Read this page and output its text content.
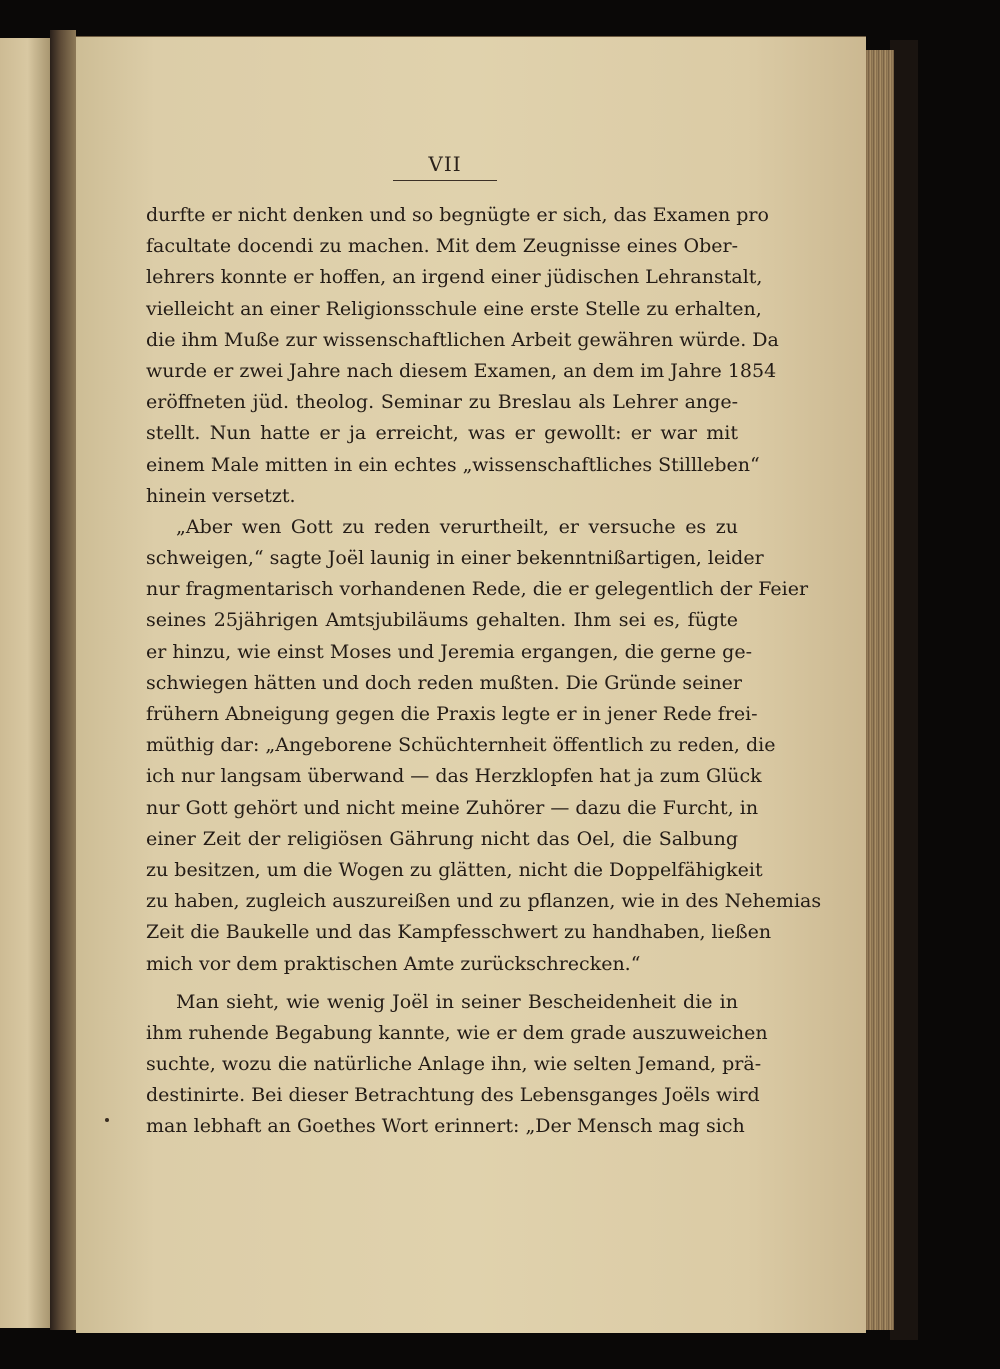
VII
durfte er nicht denken und so begnügte er sich, das Examen pro
facultate docendi zu machen. Mit dem Zeugnisse eines Ober-
lehrers konnte er hoffen, an irgend einer jüdischen Lehranstalt,
vielleicht an einer Religionsschule eine erste Stelle zu erhalten,
die ihm Muße zur wissenschaftlichen Arbeit gewähren würde. Da
wurde er zwei Jahre nach diesem Examen, an dem im Jahre 1854
eröffneten jüd. theolog. Seminar zu Breslau als Lehrer ange-
stellt. Nun hatte er ja erreicht, was er gewollt: er war mit
einem Male mitten in ein echtes „wissenschaftliches Stillleben“
hinein versetzt.
„Aber wen Gott zu reden verurtheilt, er versuche es zu
schweigen,“ sagte Joël launig in einer bekenntnißartigen, leider
nur fragmentarisch vorhandenen Rede, die er gelegentlich der Feier
seines 25jährigen Amtsjubiläums gehalten. Ihm sei es, fügte
er hinzu, wie einst Moses und Jeremia ergangen, die gerne ge-
schwiegen hätten und doch reden mußten. Die Gründe seiner
frühern Abneigung gegen die Praxis legte er in jener Rede frei-
müthig dar: „Angeborene Schüchternheit öffentlich zu reden, die
ich nur langsam überwand — das Herzklopfen hat ja zum Glück
nur Gott gehört und nicht meine Zuhörer — dazu die Furcht, in
einer Zeit der religiösen Gährung nicht das Oel, die Salbung
zu besitzen, um die Wogen zu glätten, nicht die Doppelfähigkeit
zu haben, zugleich auszureißen und zu pflanzen, wie in des Nehemias
Zeit die Baukelle und das Kampfesschwert zu handhaben, ließen
mich vor dem praktischen Amte zurückschrecken.“
Man sieht, wie wenig Joël in seiner Bescheidenheit die in
ihm ruhende Begabung kannte, wie er dem grade auszuweichen
suchte, wozu die natürliche Anlage ihn, wie selten Jemand, prä-
destinirte. Bei dieser Betrachtung des Lebensganges Joëls wird
man lebhaft an Goethes Wort erinnert: „Der Mensch mag sich
